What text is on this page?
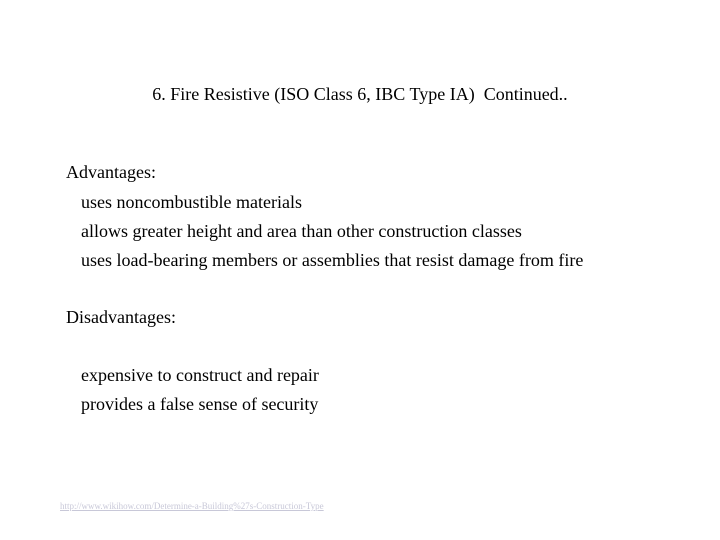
6. Fire Resistive (ISO Class 6, IBC Type IA)  Continued..
Advantages:
uses noncombustible materials
allows greater height and area than other construction classes
uses load-bearing members or assemblies that resist damage from fire
Disadvantages:
expensive to construct and repair
provides a false sense of security
http://www.wikihow.com/Determine-a-Building%27s-Construction-Type
